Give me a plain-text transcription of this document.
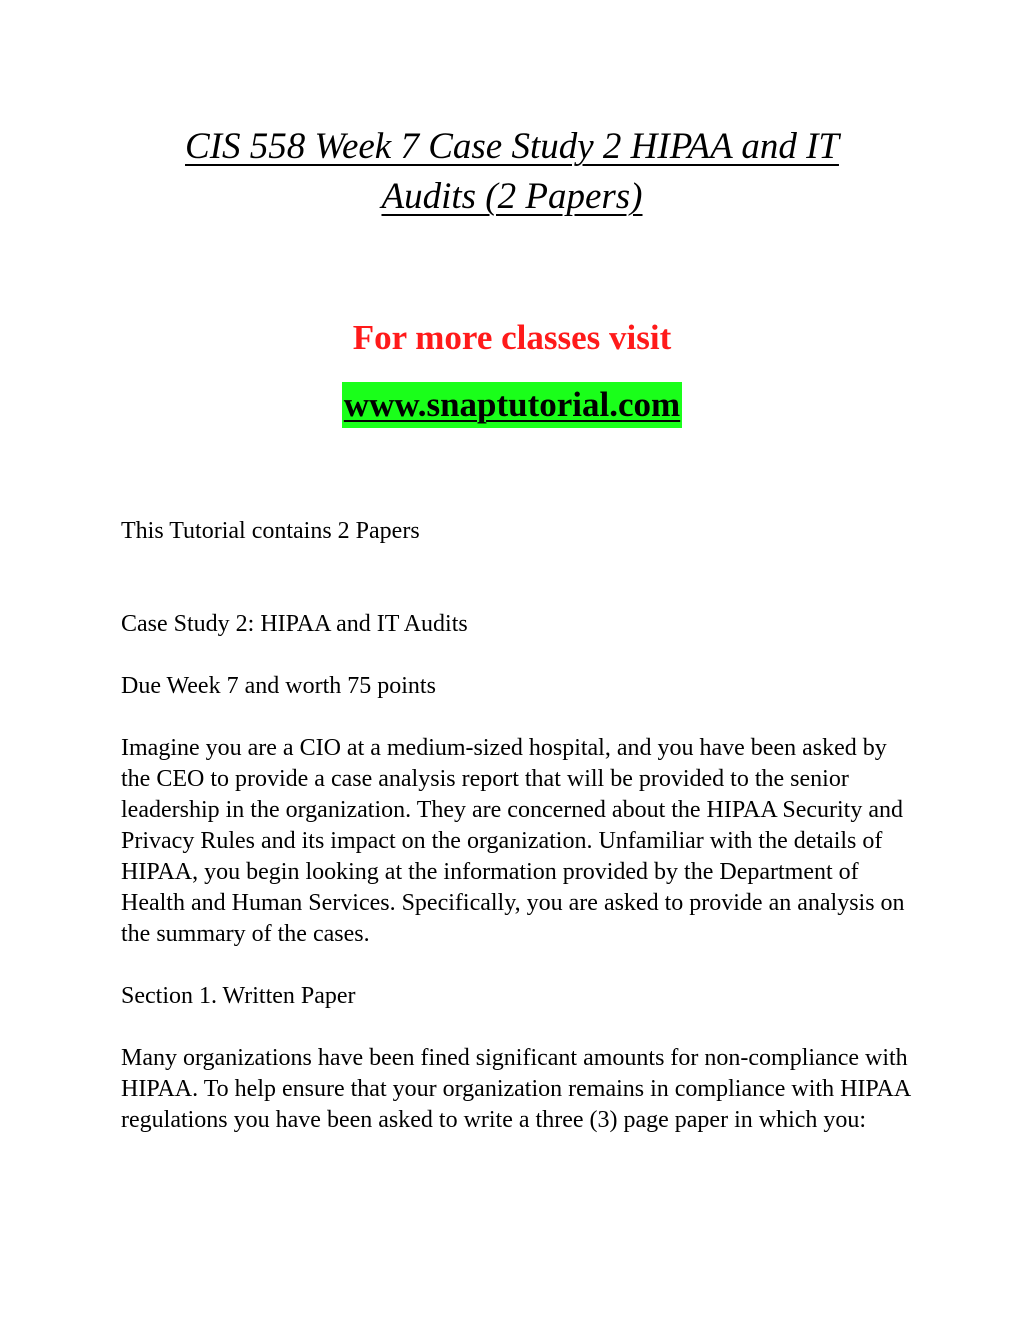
CIS 558 Week 7 Case Study 2 HIPAA and IT
Audits (2 Papers)

For more classes visit

www.snaptutorial.com

This Tutorial contains 2 Papers

Case Study 2: HIPAA and IT Audits

Due Week 7 and worth 75 points

Imagine you are a CIO at a medium-sized hospital, and you have been asked by the CEO to provide a case analysis report that will be provided to the senior leadership in the organization. They are concerned about the HIPAA Security and Privacy Rules and its impact on the organization. Unfamiliar with the details of HIPAA, you begin looking at the information provided by the Department of Health and Human Services. Specifically, you are asked to provide an analysis on the summary of the cases.

Section 1. Written Paper

Many organizations have been fined significant amounts for non-compliance with HIPAA. To help ensure that your organization remains in compliance with HIPAA regulations you have been asked to write a three (3) page paper in which you:
